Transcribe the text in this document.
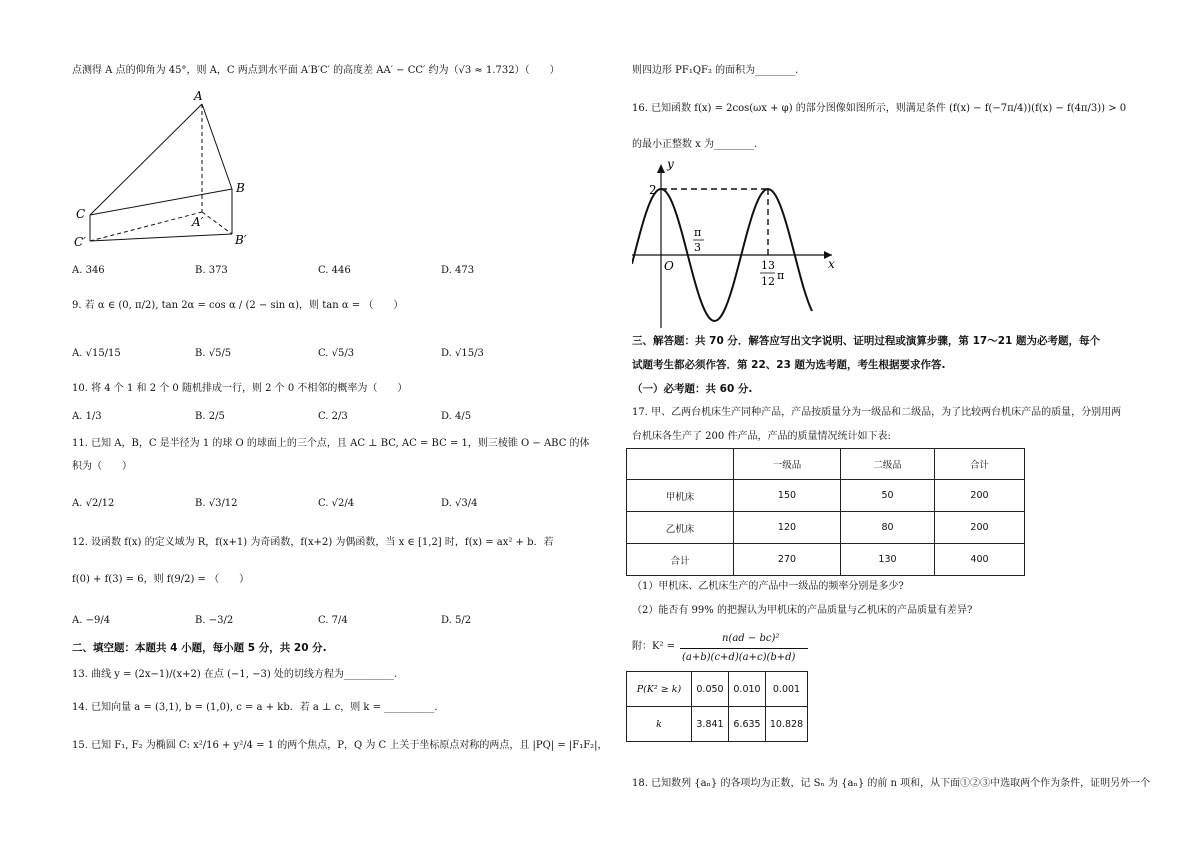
点测得 A 点的仰角为 45°，则 A，C 两点到水平面 A′B′C′ 的高度差 AA′ − CC′ 约为（√3 ≈ 1.732）（　　）
A
B
C
A′
B′
C′
A. 346	B. 373	C. 446	D. 473
9. 若 α ∈ (0, π/2), tan 2α = cos α / (2 − sin α)，则 tan α = （　　）
A. √15/15	B. √5/5	C. √5/3	D. √15/3
10. 将 4 个 1 和 2 个 0 随机排成一行，则 2 个 0 不相邻的概率为（　　）
A. 1/3	B. 2/5	C. 2/3	D. 4/5
11. 已知 A，B，C 是半径为 1 的球 O 的球面上的三个点，且 AC ⊥ BC, AC = BC = 1，则三棱锥 O − ABC 的体
积为（　　）
A. √2/12	B. √3/12	C. √2/4	D. √3/4
12. 设函数 f(x) 的定义域为 R，f(x+1) 为奇函数，f(x+2) 为偶函数，当 x ∈ [1,2] 时，f(x) = ax² + b．若
f(0) + f(3) = 6，则 f(9/2) = （　　）
A. −9/4	B. −3/2	C. 7/4	D. 5/2
二、填空题：本题共 4 小题，每小题 5 分，共 20 分.
13. 曲线 y = (2x−1)/(x+2) 在点 (−1, −3) 处的切线方程为__________.
14. 已知向量 a = (3,1), b = (1,0), c = a + kb．若 a ⊥ c，则 k = __________.
15. 已知 F₁, F₂ 为椭圆 C: x²/16 + y²/4 = 1 的两个焦点，P，Q 为 C 上关于坐标原点对称的两点，且 |PQ| = |F₁F₂|，
则四边形 PF₁QF₂ 的面积为________.
16. 已知函数 f(x) = 2cos(ωx + φ) 的部分图像如图所示，则满足条件 (f(x) − f(−7π/4))(f(x) − f(4π/3)) > 0
的最小正整数 x 为________.
y
x
O
2
π
3
13
12 π
三、解答题：共 70 分．解答应写出文字说明、证明过程或演算步骤，第 17～21 题为必考题，每个
试题考生都必须作答．第 22、23 题为选考题，考生根据要求作答.
（一）必考题：共 60 分.
17. 甲、乙两台机床生产同种产品，产品按质量分为一级品和二级品，为了比较两台机床产品的质量，分别用两
台机床各生产了 200 件产品，产品的质量情况统计如下表:
	一级品	二级品	合计
甲机床	150	50	200
乙机床	120	80	200
合计	270	130	400
（1）甲机床、乙机床生产的产品中一级品的频率分别是多少?
（2）能否有 99% 的把握认为甲机床的产品质量与乙机床的产品质量有差异?
附：K² =
n(ad − bc)²
(a+b)(c+d)(a+c)(b+d)
P(K² ≥ k)	0.050	0.010	0.001
k	3.841	6.635	10.828
18. 已知数列 {aₙ} 的各项均为正数，记 Sₙ 为 {aₙ} 的前 n 项和，从下面①②③中选取两个作为条件，证明另外一个
